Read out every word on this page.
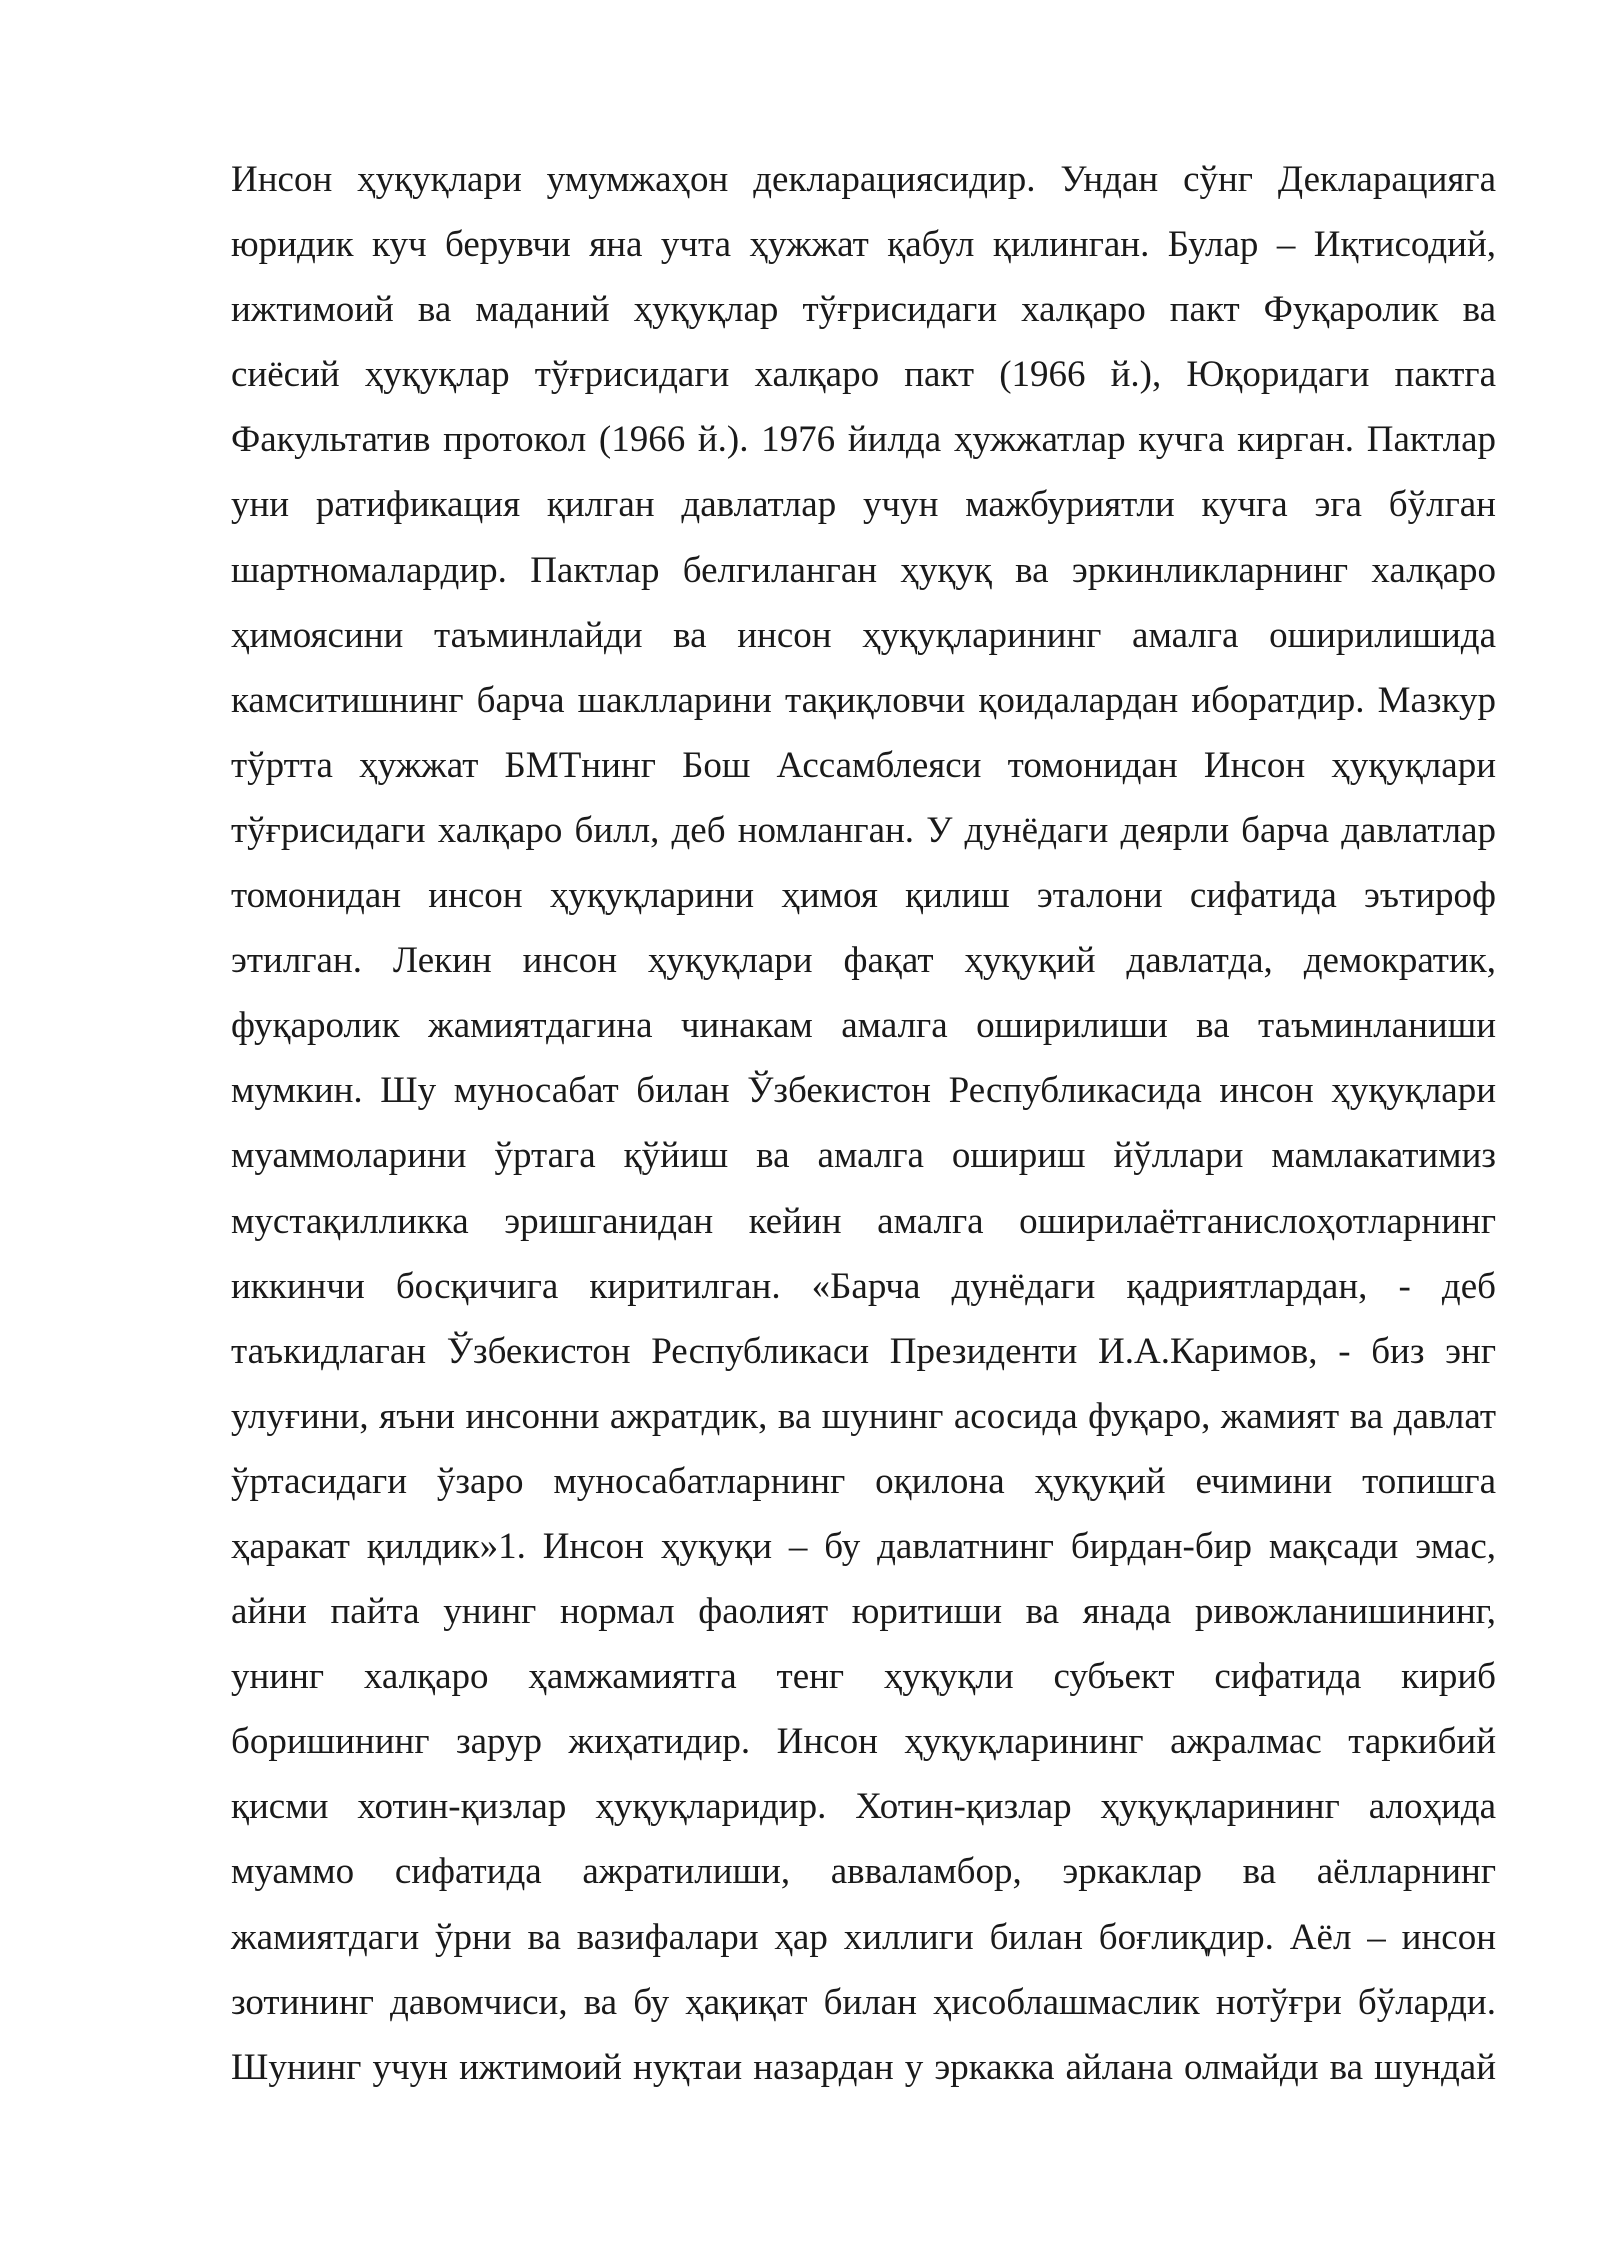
Инсон ҳуқуқлари умумжаҳон декларациясидир. Ундан сўнг Декларацияга
юридик куч берувчи яна учта ҳужжат қабул қилинган. Булар – Иқтисодий,
ижтимоий ва маданий ҳуқуқлар тўғрисидаги халқаро пакт Фуқаролик ва
сиёсий ҳуқуқлар тўғрисидаги халқаро пакт (1966 й.), Юқоридаги пактга
Факультатив протокол (1966 й.). 1976 йилда ҳужжатлар кучга кирган. Пактлар
уни ратификация қилган давлатлар учун мажбуриятли кучга эга бўлган
шартномалардир. Пактлар белгиланган ҳуқуқ ва эркинликларнинг халқаро
ҳимоясини таъминлайди ва инсон ҳуқуқларининг амалга оширилишида
камситишнинг барча шаклларини тақиқловчи қоидалардан иборатдир. Мазкур
тўртта ҳужжат БМТнинг Бош Ассамблеяси томонидан Инсон ҳуқуқлари
тўғрисидаги халқаро билл, деб номланган. У дунёдаги деярли барча давлатлар
томонидан инсон ҳуқуқларини ҳимоя қилиш эталони сифатида эътироф
этилган. Лекин инсон ҳуқуқлари фақат ҳуқуқий давлатда, демократик,
фуқаролик жамиятдагина чинакам амалга оширилиши ва таъминланиши
мумкин. Шу муносабат билан Ўзбекистон Республикасида инсон ҳуқуқлари
муаммоларини ўртага қўйиш ва амалга ошириш йўллари мамлакатимиз
мустақилликка эришганидан кейин амалга оширилаётганислоҳотларнинг
иккинчи босқичига киритилган. «Барча дунёдаги қадриятлардан, - деб
таъкидлаган Ўзбекистон Республикаси Президенти И.А.Каримов, - биз энг
улуғини, яъни инсонни ажратдик, ва шунинг асосида фуқаро, жамият ва давлат
ўртасидаги ўзаро муносабатларнинг оқилона ҳуқуқий ечимини топишга
ҳаракат қилдик»1. Инсон ҳуқуқи – бу давлатнинг бирдан-бир мақсади эмас,
айни пайта унинг нормал фаолият юритиши ва янада ривожланишининг,
унинг халқаро ҳамжамиятга тенг ҳуқуқли субъект сифатида кириб
боришининг зарур жиҳатидир. Инсон ҳуқуқларининг ажралмас таркибий
қисми хотин-қизлар ҳуқуқларидир. Хотин-қизлар ҳуқуқларининг алоҳида
муаммо сифатида ажратилиши, авваламбор, эркаклар ва аёлларнинг
жамиятдаги ўрни ва вазифалари ҳар хиллиги билан боғлиқдир. Аёл – инсон
зотининг давомчиси, ва бу ҳақиқат билан ҳисоблашмаслик нотўғри бўларди.
Шунинг учун ижтимоий нуқтаи назардан у эркакка айлана олмайди ва шундай
